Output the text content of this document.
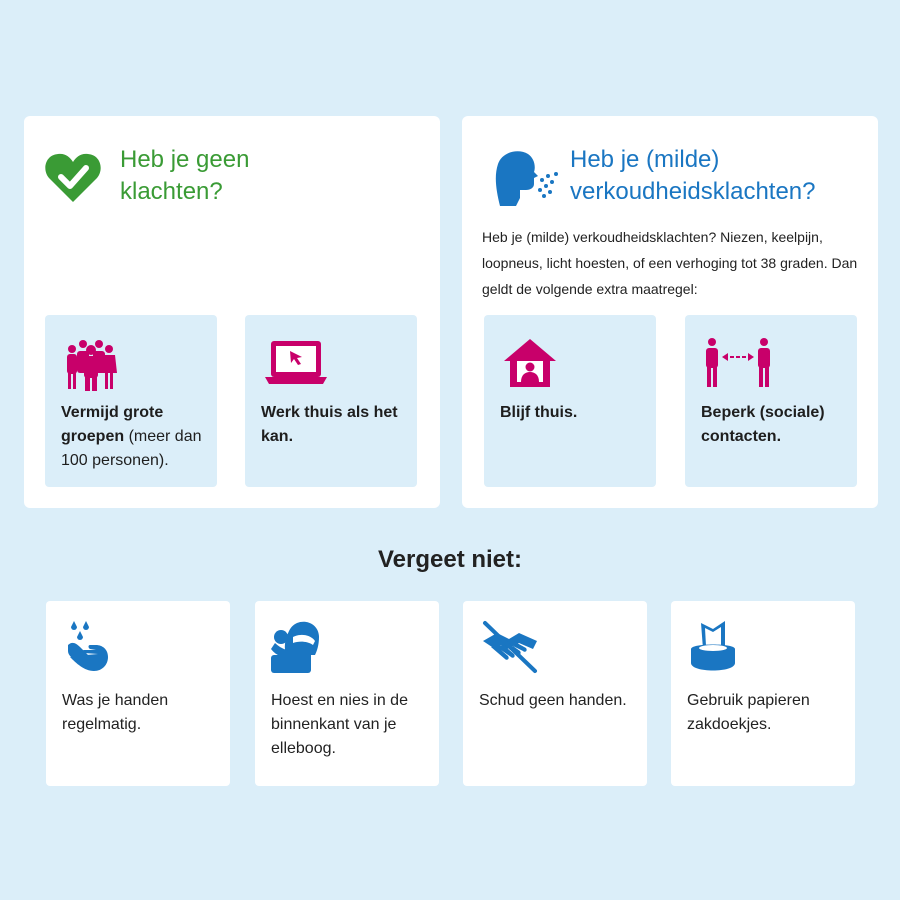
Heb je geen klachten?
Vermijd grote groepen (meer dan 100 personen).
Werk thuis als het kan.
Heb je (milde) verkoudheidsklachten?

Heb je (milde) verkoudheidsklachten? Niezen, keelpijn, loopneus, licht hoesten, of een verhoging tot 38 graden. Dan geldt de volgende extra maatregel:

Blijf thuis.	Beperk (sociale) contacten.
Vergeet niet:
Was je handen regelmatig.
Hoest en nies in de binnenkant van je elleboog.
Schud geen handen.	Gebruik papieren zakdoekjes.
